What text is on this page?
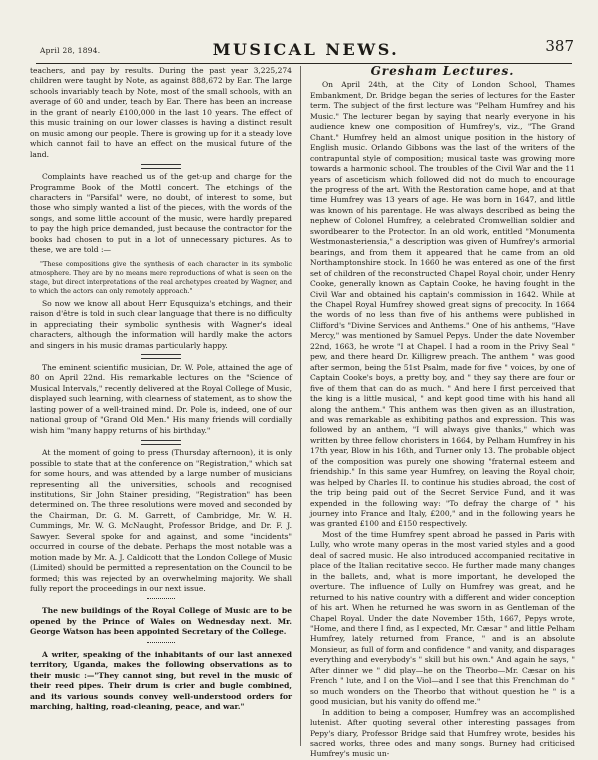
April 28, 1894.	MUSICAL NEWS.	387

teachers, and pay by results. During the past year 3,225,274 children were taught by Note, as against 888,672 by Ear. The large schools invariably teach by Note, most of the small schools, with an average of 60 and under, teach by Ear. There has been an increase in the grant of nearly £100,000 in the last 10 years. The effect of this music training on our lower classes is having a distinct result on music among our people. There is growing up for it a steady love which cannot fail to have an effect on the musical future of the land.

Complaints have reached us of the get-up and charge for the Programme Book of the Mottl concert. The etchings of the characters in "Parsifal" were, no doubt, of interest to some, but those who simply wanted a list of the pieces, with the words of the songs, and some little account of the music, were hardly prepared to pay the high price demanded, just because the contractor for the books had chosen to put in a lot of unnecessary pictures. As to these, we are told :—

"These compositions give the synthesis of each character in its symbolic atmosphere. They are by no means mere reproductions of what is seen on the stage, but direct interpretations of the real archetypes created by Wagner, and to which the actors can only remotely approach."

So now we know all about Herr Equsquiza's etchings, and their raison d'être is told in such clear language that there is no difficulty in appreciating their symbolic synthesis with Wagner's ideal characters, although the information will hardly make the actors and singers in his music dramas particularly happy.

The eminent scientific musician, Dr. W. Pole, attained the age of 80 on April 22nd. His remarkable lectures on the "Science of Musical Intervals," recently delivered at the Royal College of Music, displayed such learning, with clearness of statement, as to show the lasting power of a well-trained mind. Dr. Pole is, indeed, one of our national group of "Grand Old Men." His many friends will cordially wish him "many happy returns of his birthday."

At the moment of going to press (Thursday afternoon), it is only possible to state that at the conference on "Registration," which sat for some hours, and was attended by a large number of musicians representing all the universities, schools and recognised institutions, Sir John Stainer presiding, "Registration" has been determined on. The three resolutions were moved and seconded by the Chairman, Dr. G. M. Garrett, of Cambridge, Mr. W. H. Cummings, Mr. W. G. McNaught, Professor Bridge, and Dr. F. J. Sawyer. Several spoke for and against, and some "incidents" occurred in course of the debate. Perhaps the most notable was a motion made by Mr. A. J. Caldicott that the London College of Music (Limited) should be permitted a representation on the Council to be formed; this was rejected by an overwhelming majority. We shall fully report the proceedings in our next issue.

The new buildings of the Royal College of Music are to be opened by the Prince of Wales on Wednesday next. Mr. George Watson has been appointed Secretary of the College.

A writer, speaking of the inhabitants of our last annexed territory, Uganda, makes the following observations as to their music :—"They cannot sing, but revel in the music of their reed pipes. Their drum is crier and bugle combined, and its various sounds convey well-understood orders for marching, halting, road-cleaning, peace, and war."

Gresham Lectures.

On April 24th, at the City of London School, Thames Embankment, Dr. Bridge began the series of lectures for the Easter term. The subject of the first lecture was "Pelham Humfrey and his Music." The lecturer began by saying that nearly everyone in his audience knew one composition of Humfrey's, viz., "The Grand Chant." Humfrey held an almost unique position in the history of English music. Orlando Gibbons was the last of the writers of the contrapuntal style of composition; musical taste was growing more towards a harmonic school. The troubles of the Civil War and the 11 years of asceticism which followed did not do much to encourage the progress of the art. With the Restoration came hope, and at that time Humfrey was 13 years of age. He was born in 1647, and little was known of his parentage. He was always described as being the nephew of Colonel Humfrey, a celebrated Cromwellian soldier and swordbearer to the Protector. In an old work, entitled "Monumenta Westmonasteriensia," a description was given of Humfrey's armorial bearings, and from them it appeared that he came from an old Northamptonshire stock. In 1660 he was entered as one of the first set of children of the reconstructed Chapel Royal choir, under Henry Cooke, generally known as Captain Cooke, he having fought in the Civil War and obtained his captain's commission in 1642. While at the Chapel Royal Humfrey showed great signs of precocity. In 1664 the words of no less than five of his anthems were published in Clifford's "Divine Services and Anthems." One of his anthems, "Have Mercy," was mentioned by Samuel Pepys. Under the date November 22nd, 1663, he wrote "I at Chapel. I had a room in the Privy Seal " pew, and there heard Dr. Killigrew preach. The anthem " was good after sermon, being the 51st Psalm, made for five " voices, by one of Captain Cooke's boys, a pretty boy, and " they say there are four or five of them that can do as much. " And here I first perceived that the king is a little musical, " and kept good time with his hand all along the anthem." This anthem was then given as an illustration, and was remarkable as exhibiting pathos and expression. This was followed by an anthem, "I will always give thanks," which was written by three fellow choristers in 1664, by Pelham Humfrey in his 17th year, Blow in his 16th, and Turner only 13. The probable object of the composition was purely one showing "fraternal esteem and friendship." In this same year Humfrey, on leaving the Royal choir, was helped by Charles II. to continue his studies abroad, the cost of the trip being paid out of the Secret Service Fund, and it was expended in the following way: "To defray the charge of " his journey into France and Italy, £200," and in the following years he was granted £100 and £150 respectively.

Most of the time Humfrey spent abroad he passed in Paris with Lully, who wrote many operas in the most varied styles and a good deal of sacred music. He also introduced accompanied recitative in place of the Italian recitative secco. He further made many changes in the ballets, and, what is more important, he developed the overture. The influence of Lully on Humfrey was great, and he returned to his native country with a different and wider conception of his art. When he returned he was sworn in as Gentleman of the Chapel Royal. Under the date November 15th, 1667, Pepys wrote, "Home, and there I find, as I expected, Mr. Cæsar " and little Pelham Humfrey, lately returned from France, " and is an absolute Monsieur, as full of form and confidence " and vanity, and disparages everything and everybody's " skill but his own." And again he says, " After dinner we " did play—he on the Theorbo—Mr. Cæsar on his French " lute, and I on the Viol—and I see that this Frenchman do " so much wonders on the Theorbo that without question he " is a good musician, but his vanity do offend me."

In addition to being a composer, Humfrey was an accomplished lutenist. After quoting several other interesting passages from Pepy's diary, Professor Bridge said that Humfrey wrote, besides his sacred works, three odes and many songs. Burney had criticised Humfrey's music un-
